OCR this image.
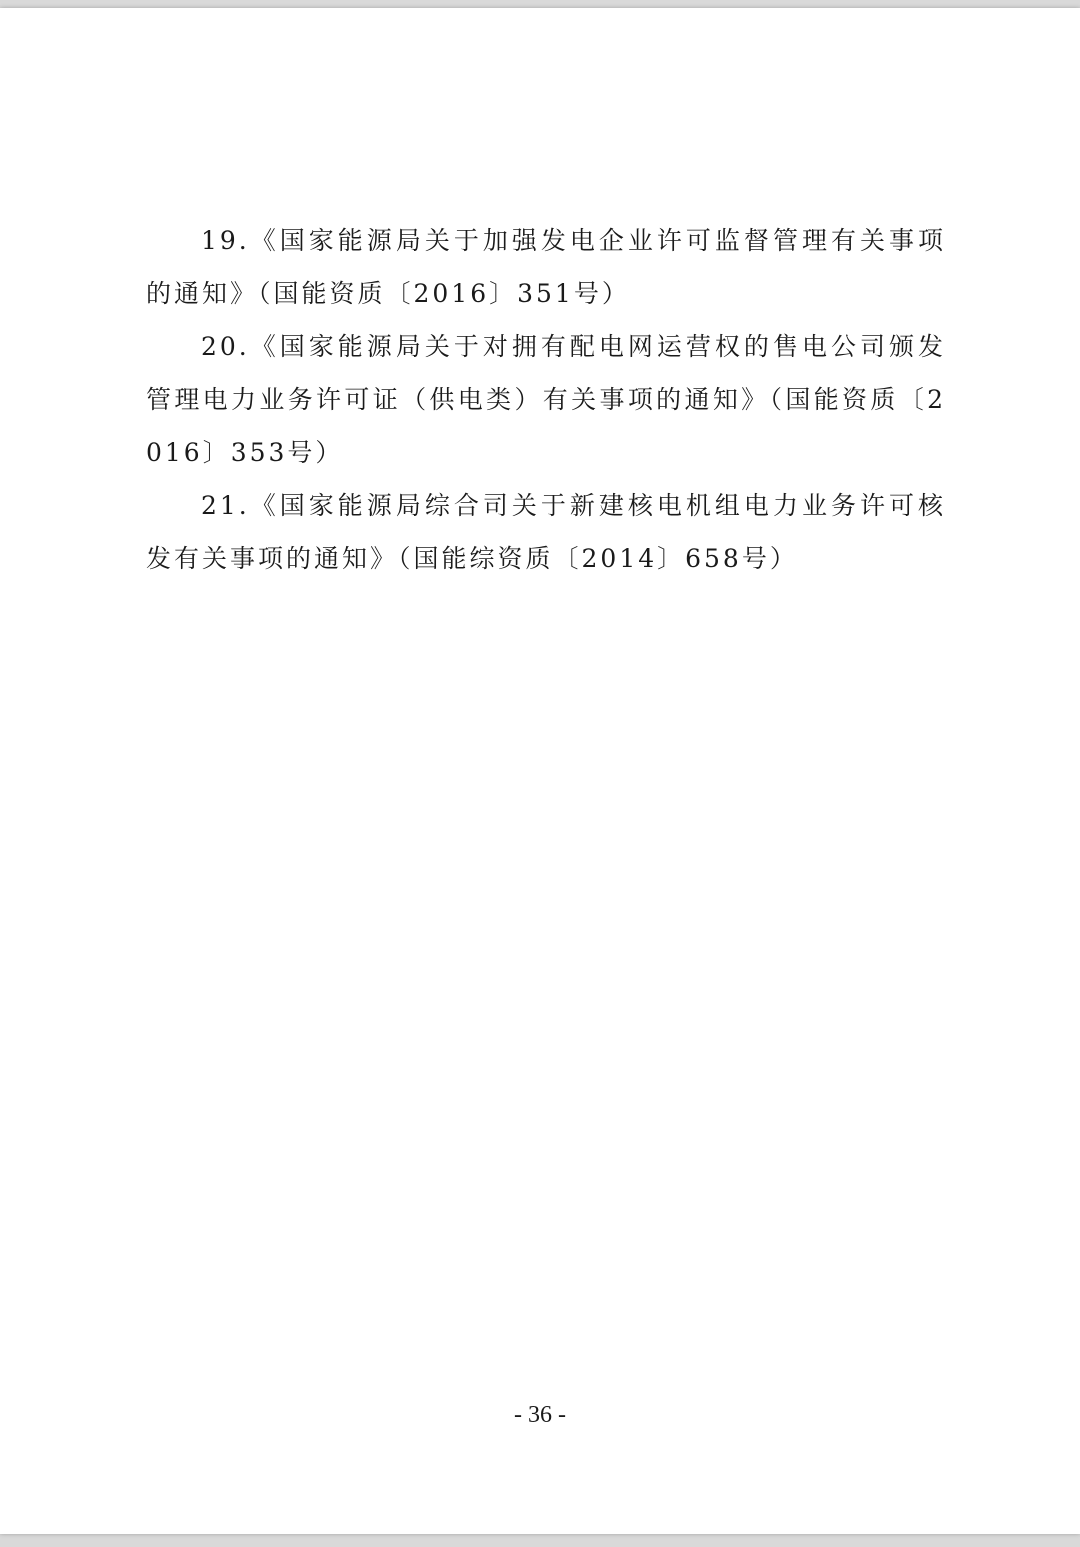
19.《国家能源局关于加强发电企业许可监督管理有关事项的通知》（国能资质〔2016〕351号）

20.《国家能源局关于对拥有配电网运营权的售电公司颁发管理电力业务许可证（供电类）有关事项的通知》（国能资质〔2016〕353号）

21.《国家能源局综合司关于新建核电机组电力业务许可核发有关事项的通知》（国能综资质〔2014〕658号）

- 36 -
